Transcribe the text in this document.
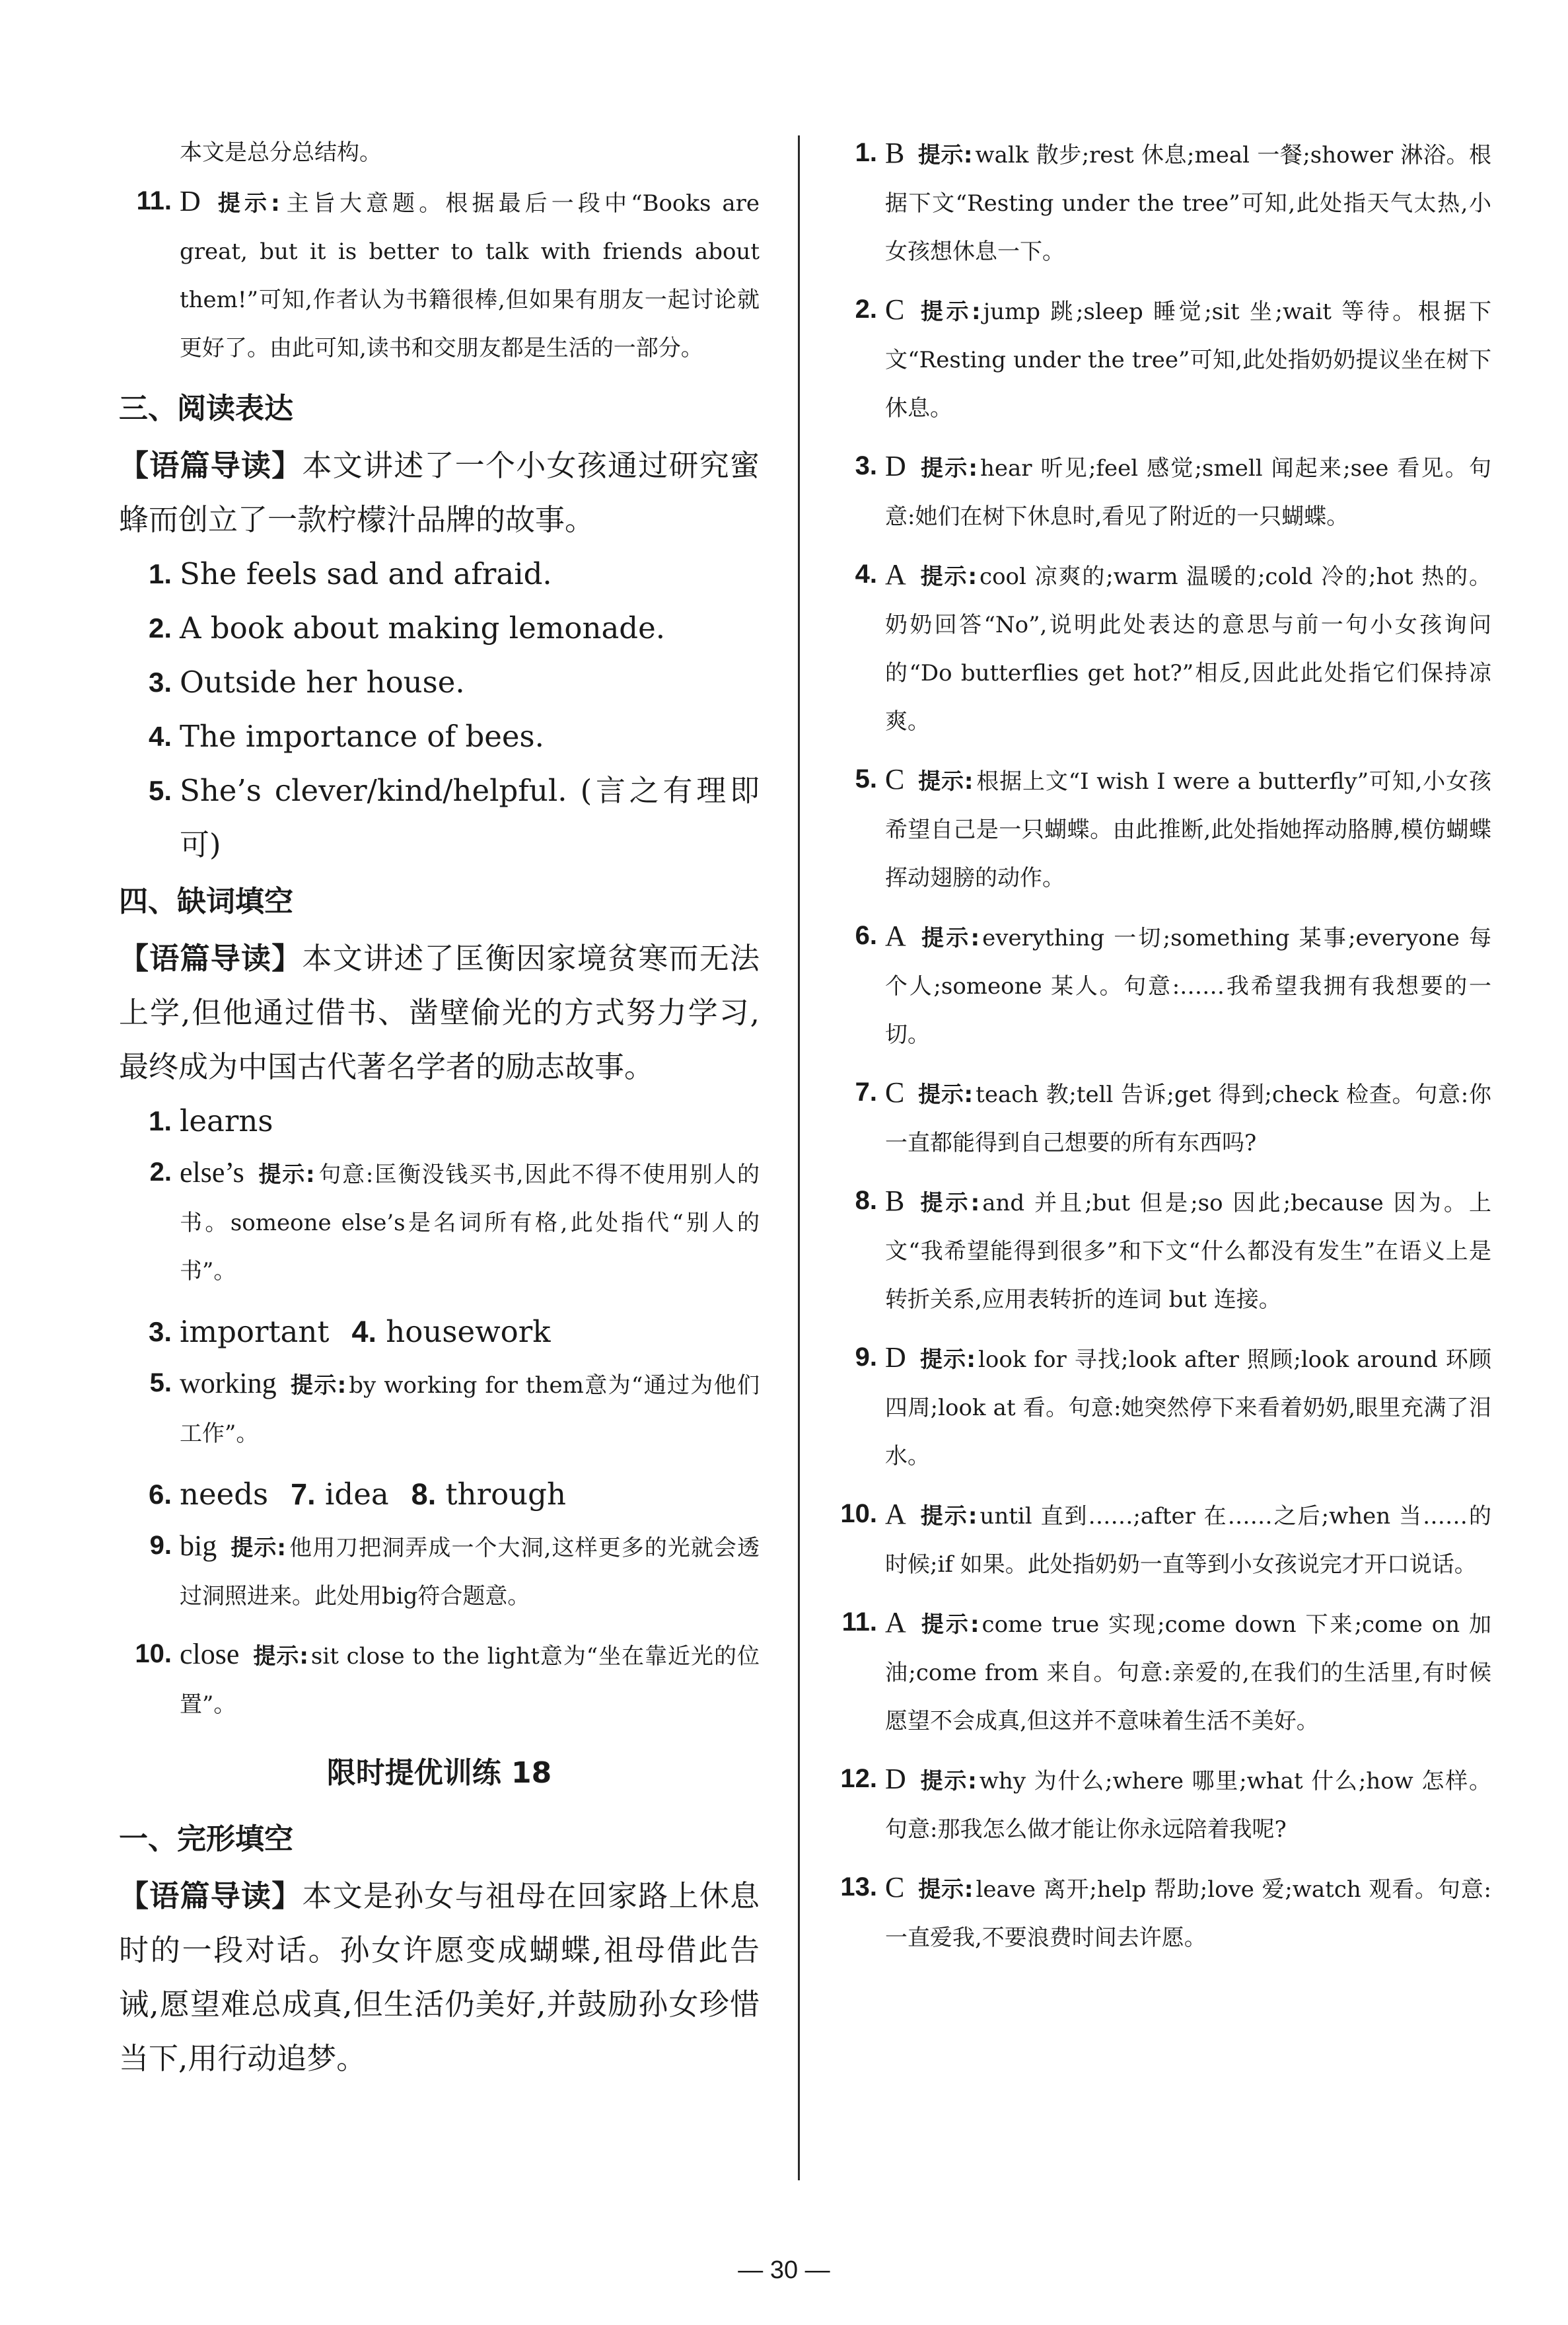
本文是总分总结构。
11. D 提示: 主旨大意题。根据最后一段中“Books are great, but it is better to talk with friends about them!”可知,作者认为书籍很棒,但如果有朋友一起讨论就更好了。由此可知,读书和交朋友都是生活的一部分。
三、阅读表达
【语篇导读】本文讲述了一个小女孩通过研究蜜蜂而创立了一款柠檬汁品牌的故事。
1. She feels sad and afraid.
2. A book about making lemonade.
3. Outside her house.
4. The importance of bees.
5. She’s clever/kind/helpful. (言之有理即可)
四、缺词填空
【语篇导读】本文讲述了匡衡因家境贫寒而无法上学,但他通过借书、凿壁偷光的方式努力学习,最终成为中国古代著名学者的励志故事。
1. learns
2. else’s 提示: 句意:匡衡没钱买书,因此不得不使用别人的书。someone else’s是名词所有格,此处指代“别人的书”。
3. important 4. housework
5. working 提示: by working for them意为“通过为他们工作”。
6. needs 7. idea 8. through
9. big 提示: 他用刀把洞弄成一个大洞,这样更多的光就会透过洞照进来。此处用big符合题意。
10. close 提示: sit close to the light意为“坐在靠近光的位置”。
限时提优训练 18
一、完形填空
【语篇导读】本文是孙女与祖母在回家路上休息时的一段对话。孙女许愿变成蝴蝶,祖母借此告诫,愿望难总成真,但生活仍美好,并鼓励孙女珍惜当下,用行动追梦。
1. B 提示: walk 散步;rest 休息;meal 一餐;shower 淋浴。根据下文“Resting under the tree”可知,此处指天气太热,小女孩想休息一下。
2. C 提示: jump 跳;sleep 睡觉;sit 坐;wait 等待。根据下文“Resting under the tree”可知,此处指奶奶提议坐在树下休息。
3. D 提示: hear 听见;feel 感觉;smell 闻起来;see 看见。句意:她们在树下休息时,看见了附近的一只蝴蝶。
4. A 提示: cool 凉爽的;warm 温暖的;cold 冷的;hot 热的。奶奶回答“No”,说明此处表达的意思与前一句小女孩询问的“Do butterflies get hot?”相反,因此此处指它们保持凉爽。
5. C 提示: 根据上文“I wish I were a butterfly”可知,小女孩希望自己是一只蝴蝶。由此推断,此处指她挥动胳膊,模仿蝴蝶挥动翅膀的动作。
6. A 提示: everything 一切;something 某事;everyone 每个人;someone 某人。句意:……我希望我拥有我想要的一切。
7. C 提示: teach 教;tell 告诉;get 得到;check 检查。句意:你一直都能得到自己想要的所有东西吗?
8. B 提示: and 并且;but 但是;so 因此;because 因为。上文“我希望能得到很多”和下文“什么都没有发生”在语义上是转折关系,应用表转折的连词 but 连接。
9. D 提示: look for 寻找;look after 照顾;look around 环顾四周;look at 看。句意:她突然停下来看着奶奶,眼里充满了泪水。
10. A 提示: until 直到……;after 在……之后;when 当……的时候;if 如果。此处指奶奶一直等到小女孩说完才开口说话。
11. A 提示: come true 实现;come down 下来;come on 加油;come from 来自。句意:亲爱的,在我们的生活里,有时候愿望不会成真,但这并不意味着生活不美好。
12. D 提示: why 为什么;where 哪里;what 什么;how 怎样。句意:那我怎么做才能让你永远陪着我呢?
13. C 提示: leave 离开;help 帮助;love 爱;watch 观看。句意:一直爱我,不要浪费时间去许愿。
— 30 —
